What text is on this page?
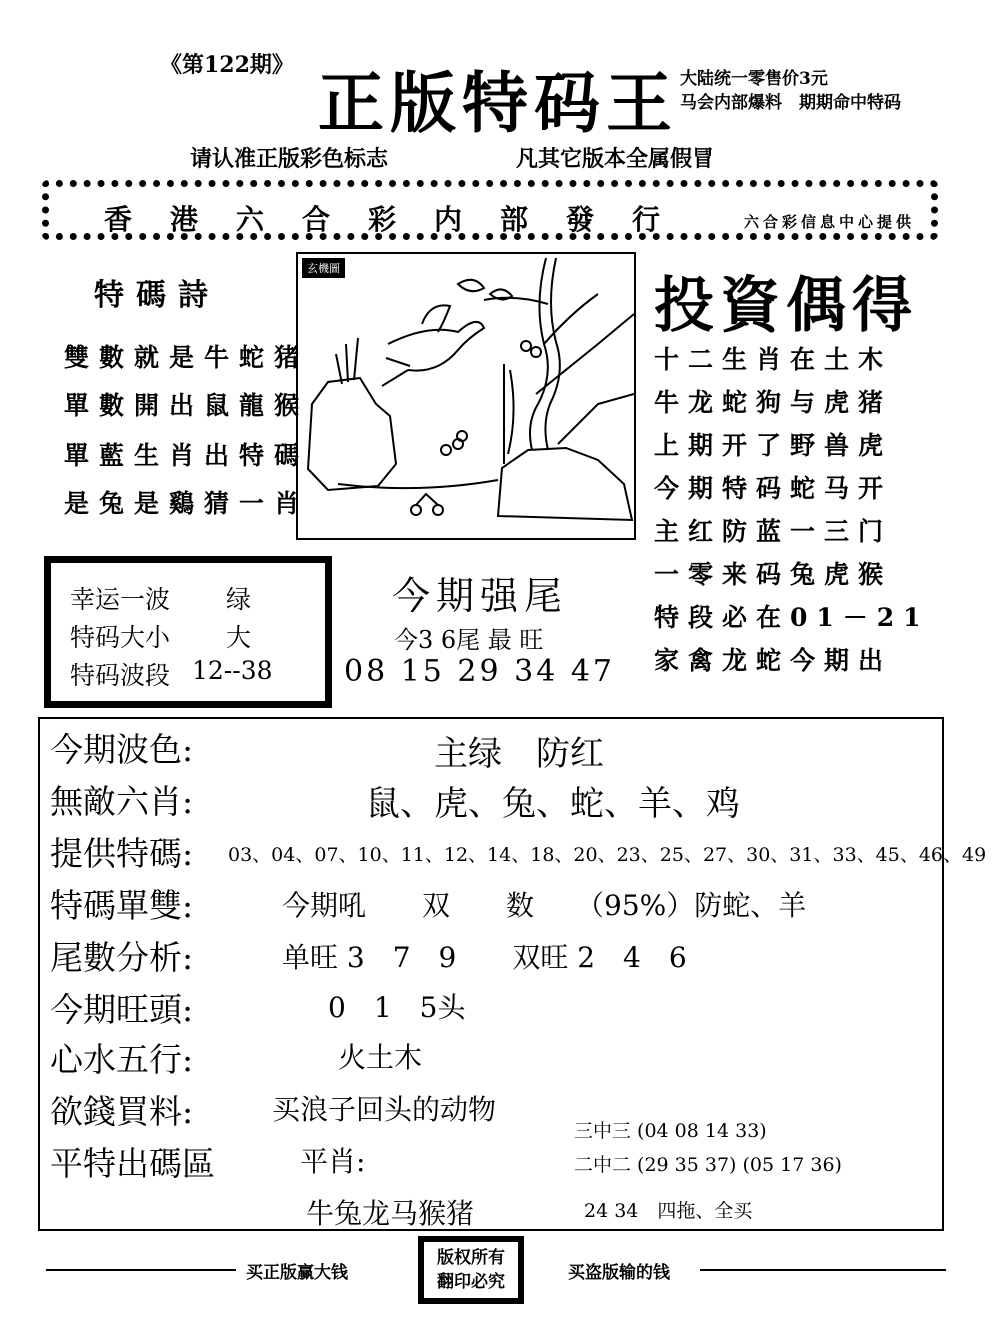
《第122期》 正版特码王 大陆统一零售价3元
马会内部爆料　期期命中特码
请认准正版彩色标志	凡其它版本全属假冒
香港六合彩内部發行	六合彩信息中心提供
特碼詩
雙數就是牛蛇猪
單數開出鼠龍猴
單藍生肖出特碼
是兔是鷄猜一肖
玄機圖
投資偶得
十二生肖在土木
牛龙蛇狗与虎猪
上期开了野兽虎
今期特码蛇马开
主红防蓝一三门
一零来码兔虎猴
特段必在01－21
家禽龙蛇今期出
幸运一波 绿
特码大小 大
特码波段 12--38
今期强尾
今3 6尾 最 旺
08 15 29 34 47
今期波色:	主绿　防红
無敵六肖:	鼠、虎、兔、蛇、羊、鸡
提供特碼: 03、04、07、10、11、12、14、18、20、23、25、27、30、31、33、45、46、49
特碼單雙:	今期吼　　双　　数　　（95%）防蛇、羊
尾數分析:	单旺 3　7　9　　双旺 2　4　6
今期旺頭:	0　1　5头
心水五行:	火土木
欲錢買料:	买浪子回头的动物
平特出碼區	平肖:
牛兔龙马猴猪
三中三 (04 08 14 33)
二中二 (29 35 37) (05 17 36)
24 34　四拖、全买
买正版赢大钱
版权所有
翻印必究	买盗版输的钱
